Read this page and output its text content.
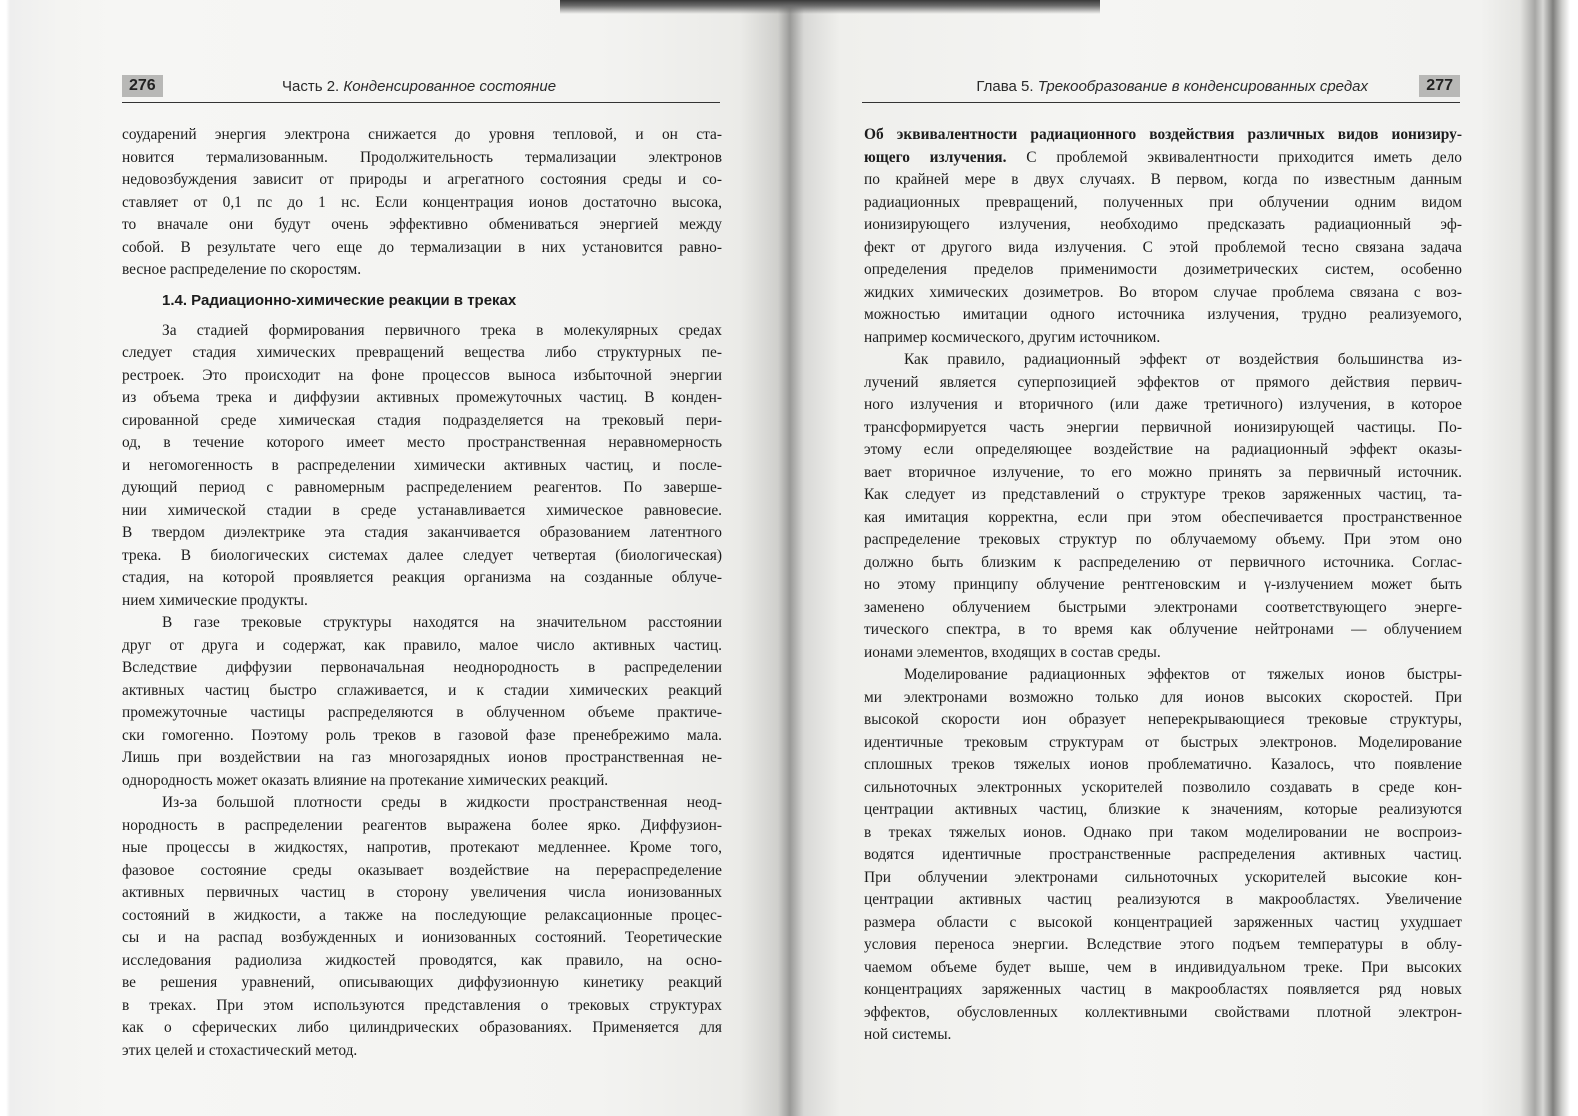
276	Часть 2. Конденсированное состояние
соударений энергия электрона снижается до уровня тепловой, и он ста-
новится термализованным. Продолжительность термализации электронов
недовозбуждения зависит от природы и агрегатного состояния среды и со-
ставляет от 0,1 пс до 1 нс. Если концентрация ионов достаточно высока,
то вначале они будут очень эффективно обмениваться энергией между
собой. В результате чего еще до термализации в них установится равно-
весное распределение по скоростям.
1.4. Радиационно-химические реакции в треках
За стадией формирования первичного трека в молекулярных средах
следует стадия химических превращений вещества либо структурных пе-
рестроек. Это происходит на фоне процессов выноса избыточной энергии
из объема трека и диффузии активных промежуточных частиц. В конден-
сированной среде химическая стадия подразделяется на трековый пери-
од, в течение которого имеет место пространственная неравномерность
и негомогенность в распределении химически активных частиц, и после-
дующий период с равномерным распределением реагентов. По заверше-
нии химической стадии в среде устанавливается химическое равновесие.
В твердом диэлектрике эта стадия заканчивается образованием латентного
трека. В биологических системах далее следует четвертая (биологическая)
стадия, на которой проявляется реакция организма на созданные облуче-
нием химические продукты.
В газе трековые структуры находятся на значительном расстоянии
друг от друга и содержат, как правило, малое число активных частиц.
Вследствие диффузии первоначальная неоднородность в распределении
активных частиц быстро сглаживается, и к стадии химических реакций
промежуточные частицы распределяются в облученном объеме практиче-
ски гомогенно. Поэтому роль треков в газовой фазе пренебрежимо мала.
Лишь при воздействии на газ многозарядных ионов пространственная не-
однородность может оказать влияние на протекание химических реакций.
Из-за большой плотности среды в жидкости пространственная неод-
нородность в распределении реагентов выражена более ярко. Диффузион-
ные процессы в жидкостях, напротив, протекают медленнее. Кроме того,
фазовое состояние среды оказывает воздействие на перераспределение
активных первичных частиц в сторону увеличения числа ионизованных
состояний в жидкости, а также на последующие релаксационные процес-
сы и на распад возбужденных и ионизованных состояний. Теоретические
исследования радиолиза жидкостей проводятся, как правило, на осно-
ве решения уравнений, описывающих диффузионную кинетику реакций
в треках. При этом используются представления о трековых структурах
как о сферических либо цилиндрических образованиях. Применяется для
этих целей и стохастический метод.
Глава 5. Трекообразование в конденсированных средах	277
Об эквивалентности радиационного воздействия различных видов ионизиру-
ющего излучения. С проблемой эквивалентности приходится иметь дело
по крайней мере в двух случаях. В первом, когда по известным данным
радиационных превращений, полученных при облучении одним видом
ионизирующего излучения, необходимо предсказать радиационный эф-
фект от другого вида излучения. С этой проблемой тесно связана задача
определения пределов применимости дозиметрических систем, особенно
жидких химических дозиметров. Во втором случае проблема связана с воз-
можностью имитации одного источника излучения, трудно реализуемого,
например космического, другим источником.
Как правило, радиационный эффект от воздействия большинства из-
лучений является суперпозицией эффектов от прямого действия первич-
ного излучения и вторичного (или даже третичного) излучения, в которое
трансформируется часть энергии первичной ионизирующей частицы. По-
этому если определяющее воздействие на радиационный эффект оказы-
вает вторичное излучение, то его можно принять за первичный источник.
Как следует из представлений о структуре треков заряженных частиц, та-
кая имитация корректна, если при этом обеспечивается пространственное
распределение трековых структур по облучаемому объему. При этом оно
должно быть близким к распределению от первичного источника. Соглас-
но этому принципу облучение рентгеновским и γ-излучением может быть
заменено облучением быстрыми электронами соответствующего энерге-
тического спектра, в то время как облучение нейтронами — облучением
ионами элементов, входящих в состав среды.
Моделирование радиационных эффектов от тяжелых ионов быстры-
ми электронами возможно только для ионов высоких скоростей. При
высокой скорости ион образует неперекрывающиеся трековые структуры,
идентичные трековым структурам от быстрых электронов. Моделирование
сплошных треков тяжелых ионов проблематично. Казалось, что появление
сильноточных электронных ускорителей позволило создавать в среде кон-
центрации активных частиц, близкие к значениям, которые реализуются
в треках тяжелых ионов. Однако при таком моделировании не воспроиз-
водятся идентичные пространственные распределения активных частиц.
При облучении электронами сильноточных ускорителей высокие кон-
центрации активных частиц реализуются в макрообластях. Увеличение
размера области с высокой концентрацией заряженных частиц ухудшает
условия переноса энергии. Вследствие этого подъем температуры в облу-
чаемом объеме будет выше, чем в индивидуальном треке. При высоких
концентрациях заряженных частиц в макрообластях появляется ряд новых
эффектов, обусловленных коллективными свойствами плотной электрон-
ной системы.
